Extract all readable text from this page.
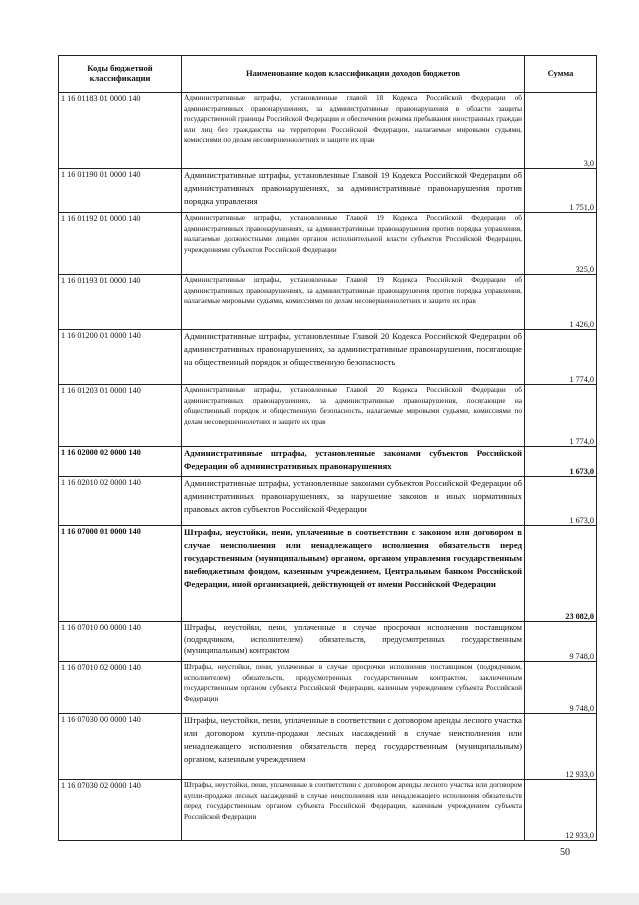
Коды бюджетной классификации	Наименование кодов классификации доходов бюджетов	Сумма
1 16 01183 01 0000 140	Административные штрафы, установленные главой 18 Кодекса Российской Федерации об административных правонарушениях, за административные правонарушения в области защиты государственной границы Российской Федерации и обеспечения режима пребывания иностранных граждан или лиц без гражданства на территории Российской Федерации, налагаемые мировыми судьями, комиссиями по делам несовершеннолетних и защите их прав	3,0
1 16 01190 01 0000 140	Административные штрафы, установленные Главой 19 Кодекса Российской Федерации об административных правонарушениях, за административные правонарушения против порядка управления	1 751,0
1 16 01192 01 0000 140	Административные штрафы, установленные Главой 19 Кодекса Российской Федерации об административных правонарушениях, за административные правонарушения против порядка управления, налагаемые должностными лицами органов исполнительной власти субъектов Российской Федерации, учреждениями субъектов Российской Федерации	325,0
1 16 01193 01 0000 140	Административные штрафы, установленные Главой 19 Кодекса Российской Федерации об административных правонарушениях, за административные правонарушения против порядка управления, налагаемые мировыми судьями, комиссиями по делам несовершеннолетних и защите их прав	1 426,0
1 16 01200 01 0000 140	Административные штрафы, установленные Главой 20 Кодекса Российской Федерации об административных правонарушениях, за административные правонарушения, посягающие на общественный порядок и общественную безопасность	1 774,0
1 16 01203 01 0000 140	Административные штрафы, установленные Главой 20 Кодекса Российской Федерации об административных правонарушениях, за административные правонарушения, посягающие на общественный порядок и общественную безопасность, налагаемые мировыми судьями, комиссиями по делам несовершеннолетних и защите их прав	1 774,0
1 16 02000 02 0000 140	Административные штрафы, установленные законами субъектов Российской Федерации об административных правонарушениях	1 673,0
1 16 02010 02 0000 140	Административные штрафы, установленные законами субъектов Российской Федерации об административных правонарушениях, за нарушение законов и иных нормативных правовых актов субъектов Российской Федерации	1 673,0
1 16 07000 01 0000 140	Штрафы, неустойки, пени, уплаченные в соответствии с законом или договором в случае неисполнения или ненадлежащего исполнения обязательств перед государственным (муниципальным) органом, органом управления государственным внебюджетным фондом, казенным учреждением, Центральным банком Российской Федерации, иной организацией, действующей от имени Российской Федерации	23 082,0
1 16 07010 00 0000 140	Штрафы, неустойки, пени, уплаченные в случае просрочки исполнения поставщиком (подрядчиком, исполнителем) обязательств, предусмотренных государственным (муниципальным) контрактом	9 748,0
1 16 07010 02 0000 140	Штрафы, неустойки, пени, уплаченные в случае просрочки исполнения поставщиком (подрядчиком, исполнителем) обязательств, предусмотренных государственным контрактом, заключенным государственным органом субъекта Российской Федерации, казенным учреждением субъекта Российской Федерации	9 748,0
1 16 07030 00 0000 140	Штрафы, неустойки, пени, уплаченные в соответствии с договором аренды лесного участка или договором купли-продажи лесных насаждений в случае неисполнения или ненадлежащего исполнения обязательств перед государственным (муниципальным) органом, казенным учреждением	12 933,0
1 16 07030 02 0000 140	Штрафы, неустойки, пени, уплаченные в соответствии с договором аренды лесного участка или договором купли-продажи лесных насаждений в случае неисполнения или ненадлежащего исполнения обязательств перед государственным органом субъекта Российской Федерации, казенным учреждением субъекта Российской Федерации	12 933,0
50
